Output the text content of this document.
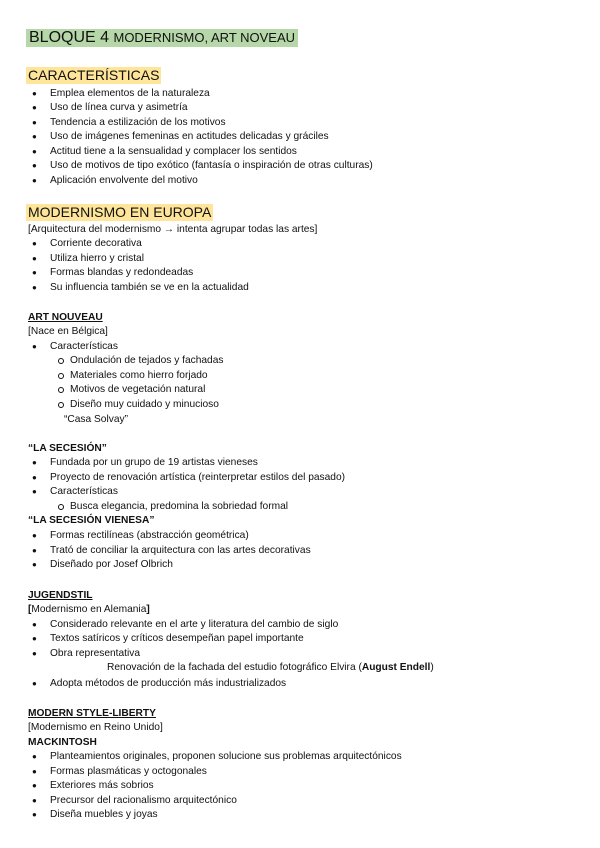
BLOQUE 4 MODERNISMO, ART NOVEAU
CARACTERÍSTICAS
● Emplea elementos de la naturaleza
● Uso de línea curva y asimetría
● Tendencia a estilización de los motivos
● Uso de imágenes femeninas en actitudes delicadas y gráciles
● Actitud tiene a la sensualidad y complacer los sentidos
● Uso de motivos de tipo exótico (fantasía o inspiración de otras culturas)
● Aplicación envolvente del motivo
MODERNISMO EN EUROPA
[Arquitectura del modernismo → intenta agrupar todas las artes]
● Corriente decorativa
● Utiliza hierro y cristal
● Formas blandas y redondeadas
● Su influencia también se ve en la actualidad
ART NOUVEAU
[Nace en Bélgica]
● Características
Ondulación de tejados y fachadas
Materiales como hierro forjado
Motivos de vegetación natural
Diseño muy cuidado y minucioso
“Casa Solvay”
“LA SECESIÓN”
● Fundada por un grupo de 19 artistas vieneses
● Proyecto de renovación artística (reinterpretar estilos del pasado)
● Características
Busca elegancia, predomina la sobriedad formal
“LA SECESIÓN VIENESA”
● Formas rectilíneas (abstracción geométrica)
● Trató de conciliar la arquitectura con las artes decorativas
● Diseñado por Josef Olbrich
JUGENDSTIL
[Modernismo en Alemania]
● Considerado relevante en el arte y literatura del cambio de siglo
● Textos satíricos y críticos desempeñan papel importante
● Obra representativa
Renovación de la fachada del estudio fotográfico Elvira (August Endell)
● Adopta métodos de producción más industrializados
MODERN STYLE-LIBERTY
[Modernismo en Reino Unido]
MACKINTOSH
● Planteamientos originales, proponen solucione sus problemas arquitectónicos
● Formas plasmáticas y octogonales
● Exteriores más sobrios
● Precursor del racionalismo arquitectónico
● Diseña muebles y joyas
